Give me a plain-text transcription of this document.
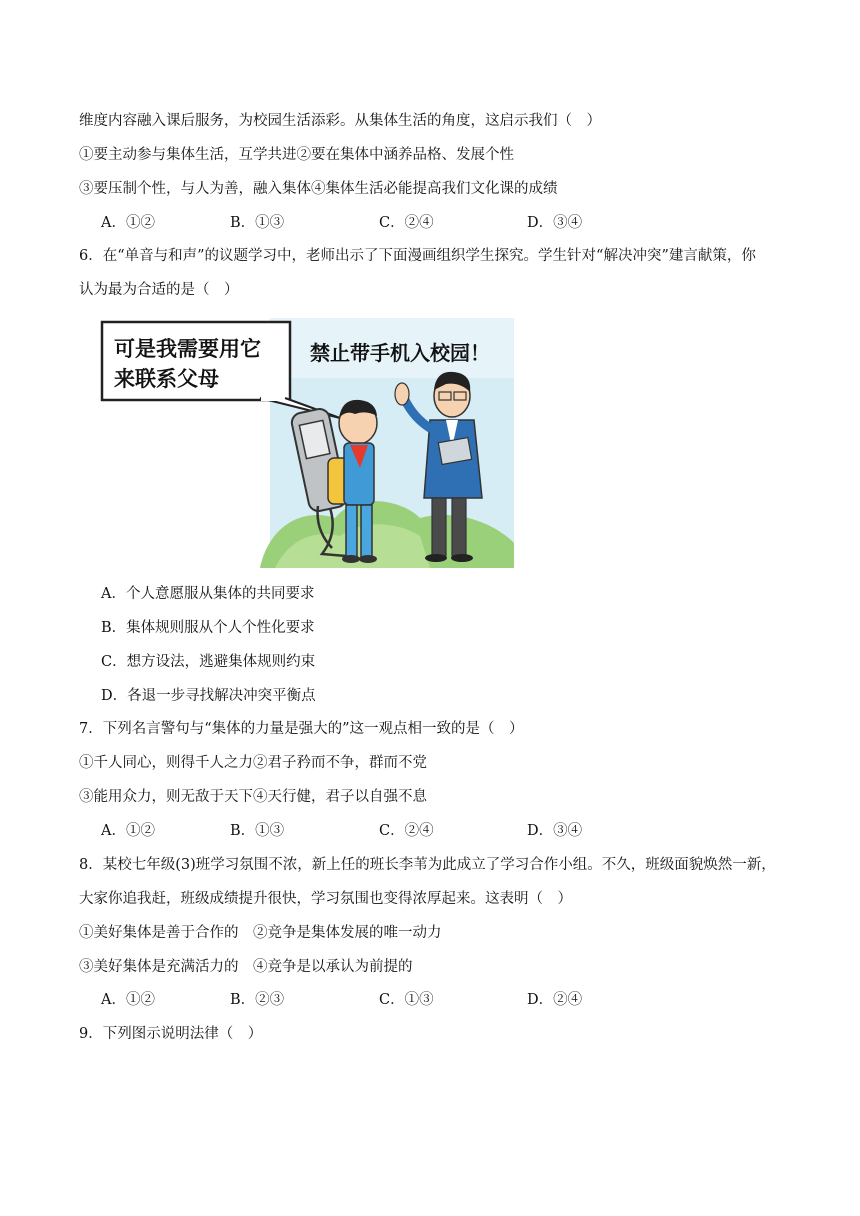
维度内容融入课后服务，为校园生活添彩。从集体生活的角度，这启示我们（　）
①要主动参与集体生活，互学共进②要在集体中涵养品格、发展个性
③要压制个性，与人为善，融入集体④集体生活必能提高我们文化课的成绩
A．①②	B．①③	C．②④	D．③④
6．在“单音与和声”的议题学习中，老师出示了下面漫画组织学生探究。学生针对“解决冲突”建言献策，你
认为最为合适的是（　）
可是我需要用它
来联系父母
禁止带手机入校园！
A．个人意愿服从集体的共同要求
B．集体规则服从个人个性化要求
C．想方设法，逃避集体规则约束
D．各退一步寻找解决冲突平衡点
7．下列名言警句与“集体的力量是强大的”这一观点相一致的是（　）
①千人同心，则得千人之力②君子矜而不争，群而不党
③能用众力，则无敌于天下④天行健，君子以自强不息
A．①②	B．①③	C．②④	D．③④
8．某校七年级(3)班学习氛围不浓，新上任的班长李苇为此成立了学习合作小组。不久，班级面貌焕然一新，
大家你追我赶，班级成绩提升很快，学习氛围也变得浓厚起来。这表明（　）
①美好集体是善于合作的　②竞争是集体发展的唯一动力
③美好集体是充满活力的　④竞争是以承认为前提的
A．①②	B．②③	C．①③	D．②④
9．下列图示说明法律（　）
